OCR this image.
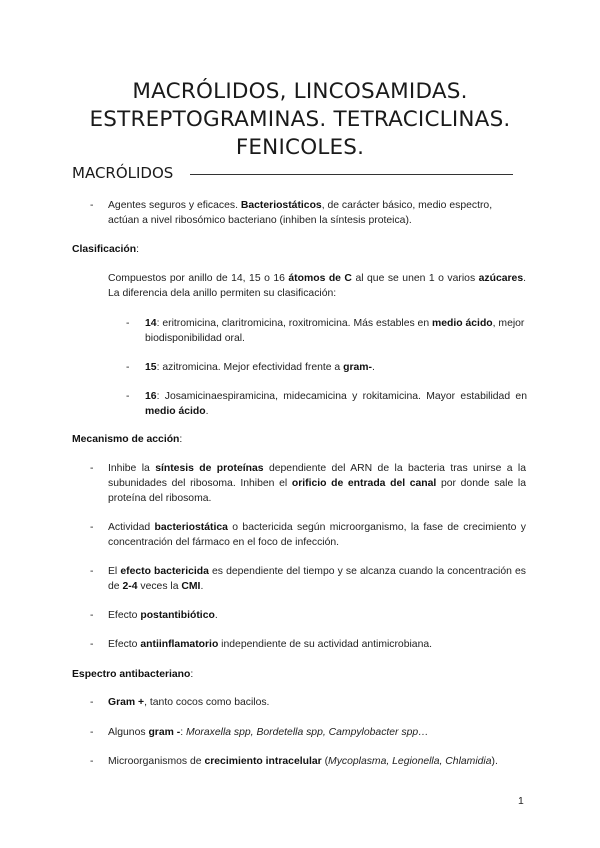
MACRÓLIDOS, LINCOSAMIDAS.
ESTREPTOGRAMINAS. TETRACICLINAS.
FENICOLES.
MACRÓLIDOS
- Agentes seguros y eficaces. Bacteriostáticos, de carácter básico, medio espectro, actúan a nivel ribosómico bacteriano (inhiben la síntesis proteica).
Clasificación:
Compuestos por anillo de 14, 15 o 16 átomos de C al que se unen 1 o varios azúcares. La diferencia dela anillo permiten su clasificación:
- 14: eritromicina, claritromicina, roxitromicina. Más estables en medio ácido, mejor biodisponibilidad oral.
- 15: azitromicina. Mejor efectividad frente a gram-.
- 16: Josamicinaespiramicina, midecamicina y rokitamicina. Mayor estabilidad en medio ácido.
Mecanismo de acción:
- Inhibe la síntesis de proteínas dependiente del ARN de la bacteria tras unirse a la subunidades del ribosoma. Inhiben el orificio de entrada del canal por donde sale la proteína del ribosoma.
- Actividad bacteriostática o bactericida según microorganismo, la fase de crecimiento y concentración del fármaco en el foco de infección.
- El efecto bactericida es dependiente del tiempo y se alcanza cuando la concentración es de 2-4 veces la CMI.
- Efecto postantibiótico.
- Efecto antiinflamatorio independiente de su actividad antimicrobiana.
Espectro antibacteriano:
- Gram +, tanto cocos como bacilos.
- Algunos gram -: Moraxella spp, Bordetella spp, Campylobacter spp…
- Microorganismos de crecimiento intracelular (Mycoplasma, Legionella, Chlamidia).
1
